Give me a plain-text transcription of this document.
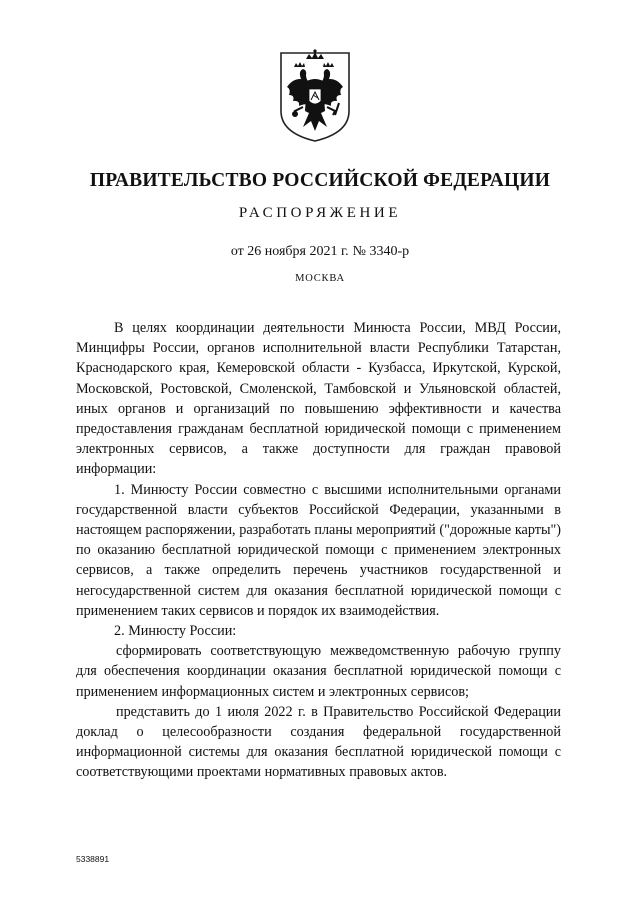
ПРАВИТЕЛЬСТВО РОССИЙСКОЙ ФЕДЕРАЦИИ
РАСПОРЯЖЕНИЕ
от 26 ноября 2021 г. № 3340-р
МОСКВА

В целях координации деятельности Минюста России, МВД России, Минцифры России, органов исполнительной власти Республики Татарстан, Краснодарского края, Кемеровской области - Кузбасса, Иркутской, Курской, Московской, Ростовской, Смоленской, Тамбовской и Ульяновской областей, иных органов и организаций по повышению эффективности и качества предоставления гражданам бесплатной юридической помощи с применением электронных сервисов, а также доступности для граждан правовой информации:

1. Минюсту России совместно с высшими исполнительными органами государственной власти субъектов Российской Федерации, указанными в настоящем распоряжении, разработать планы мероприятий ("дорожные карты") по оказанию бесплатной юридической помощи с применением электронных сервисов, а также определить перечень участников государственной и негосударственной систем для оказания бесплатной юридической помощи с применением таких сервисов и порядок их взаимодействия.

2. Минюсту России:

сформировать соответствующую межведомственную рабочую группу для обеспечения координации оказания бесплатной юридической помощи с применением информационных систем и электронных сервисов;

представить до 1 июля 2022 г. в Правительство Российской Федерации доклад о целесообразности создания федеральной государственной информационной системы для оказания бесплатной юридической помощи с соответствующими проектами нормативных правовых актов.

5338891
